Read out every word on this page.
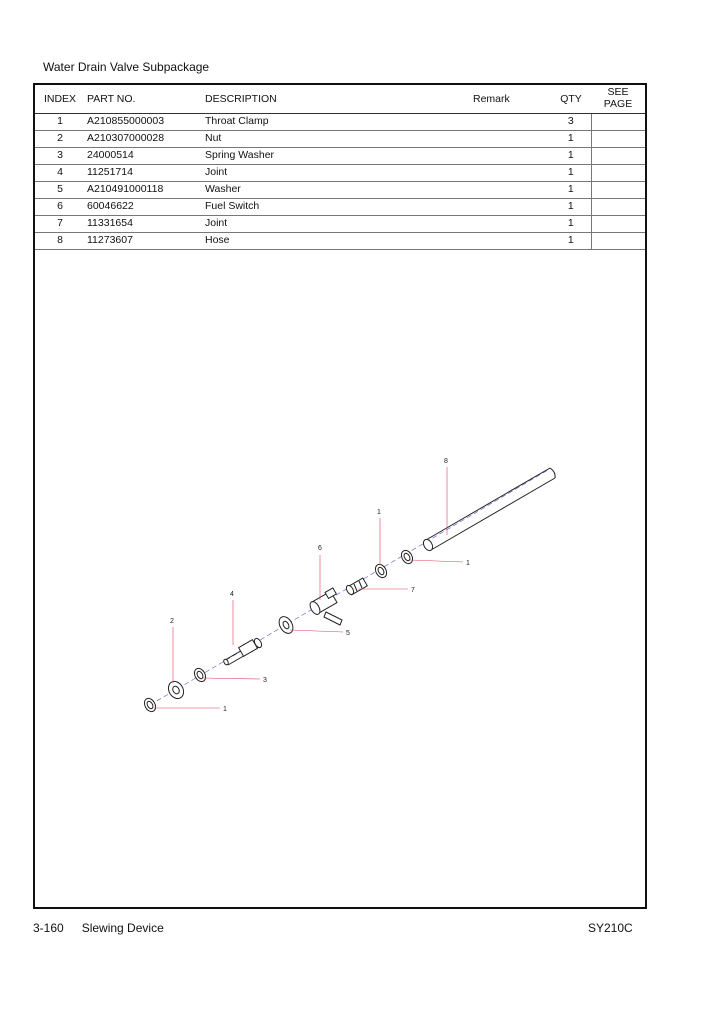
Water Drain Valve Subpackage
INDEX	PART NO.	DESCRIPTION	Remark	QTY	SEE PAGE
1	A210855000003	Throat Clamp		3	
2	A210307000028	Nut		1	
3	24000514	Spring Washer		1	
4	11251714	Joint		1	
5	A210491000118	Washer		1	
6	60046622	Fuel Switch		1	
7	11331654	Joint		1	
8	11273607	Hose		1	
8
1
1
6
7
5
4
2
3
1
3-160 Slewing Device	SY210C
